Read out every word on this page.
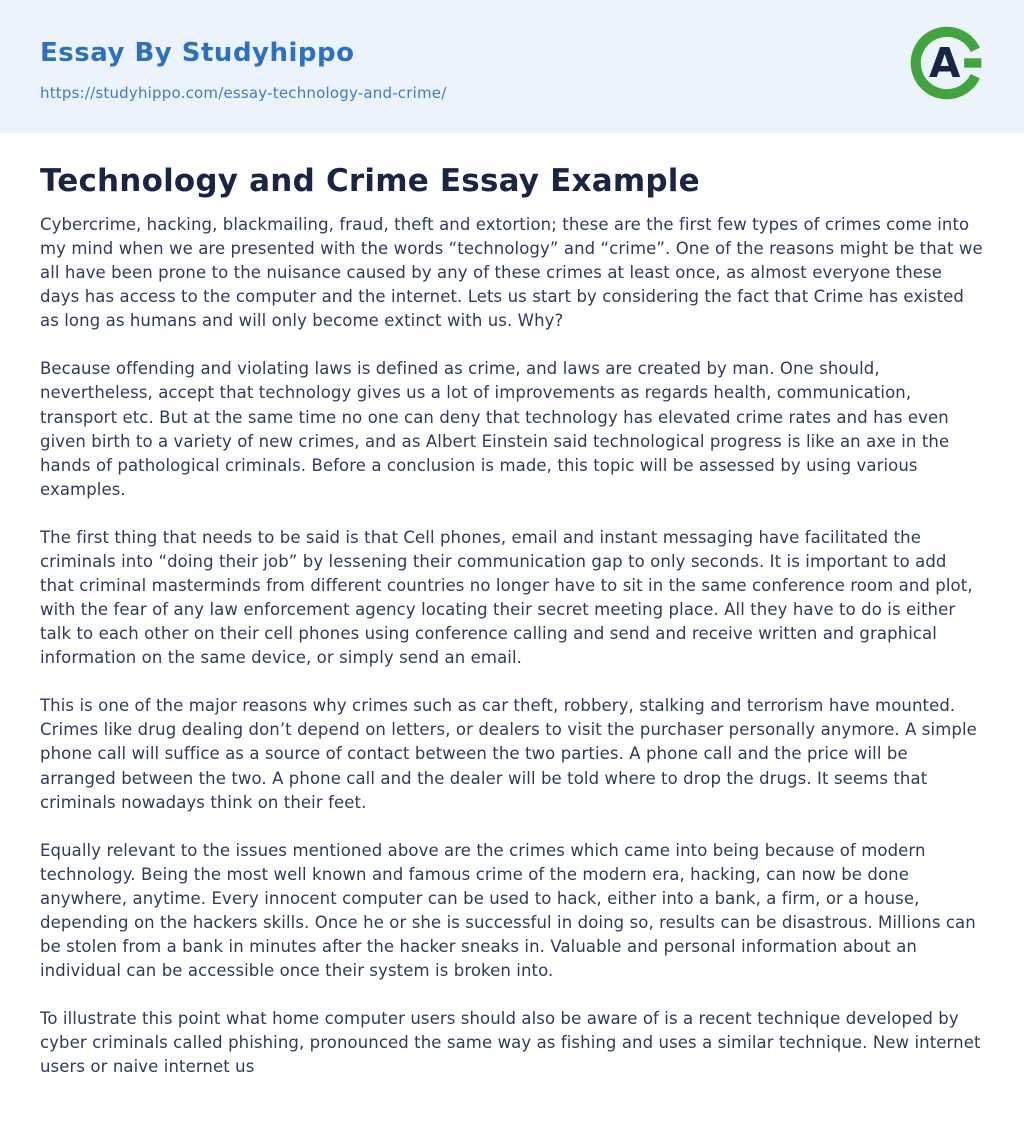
Essay By Studyhippo
https://studyhippo.com/essay-technology-and-crime/
A
Technology and Crime Essay Example

Cybercrime, hacking, blackmailing, fraud, theft and extortion; these are the first few types of crimes come into my mind when we are presented with the words “technology” and “crime”. One of the reasons might be that we all have been prone to the nuisance caused by any of these crimes at least once, as almost everyone these days has access to the computer and the internet. Lets us start by considering the fact that Crime has existed as long as humans and will only become extinct with us. Why?

Because offending and violating laws is defined as crime, and laws are created by man. One should, nevertheless, accept that technology gives us a lot of improvements as regards health, communication, transport etc. But at the same time no one can deny that technology has elevated crime rates and has even given birth to a variety of new crimes, and as Albert Einstein said technological progress is like an axe in the hands of pathological criminals. Before a conclusion is made, this topic will be assessed by using various examples.

The first thing that needs to be said is that Cell phones, email and instant messaging have facilitated the criminals into “doing their job” by lessening their communication gap to only seconds. It is important to add that criminal masterminds from different countries no longer have to sit in the same conference room and plot, with the fear of any law enforcement agency locating their secret meeting place. All they have to do is either talk to each other on their cell phones using conference calling and send and receive written and graphical information on the same device, or simply send an email.

This is one of the major reasons why crimes such as car theft, robbery, stalking and terrorism have mounted. Crimes like drug dealing don’t depend on letters, or dealers to visit the purchaser personally anymore. A simple phone call will suffice as a source of contact between the two parties. A phone call and the price will be arranged between the two. A phone call and the dealer will be told where to drop the drugs. It seems that criminals nowadays think on their feet.

Equally relevant to the issues mentioned above are the crimes which came into being because of modern technology. Being the most well known and famous crime of the modern era, hacking, can now be done anywhere, anytime. Every innocent computer can be used to hack, either into a bank, a firm, or a house, depending on the hackers skills. Once he or she is successful in doing so, results can be disastrous. Millions can be stolen from a bank in minutes after the hacker sneaks in. Valuable and personal information about an individual can be accessible once their system is broken into.

To illustrate this point what home computer users should also be aware of is a recent technique developed by cyber criminals called phishing, pronounced the same way as fishing and uses a similar technique. New internet users or naive internet us
